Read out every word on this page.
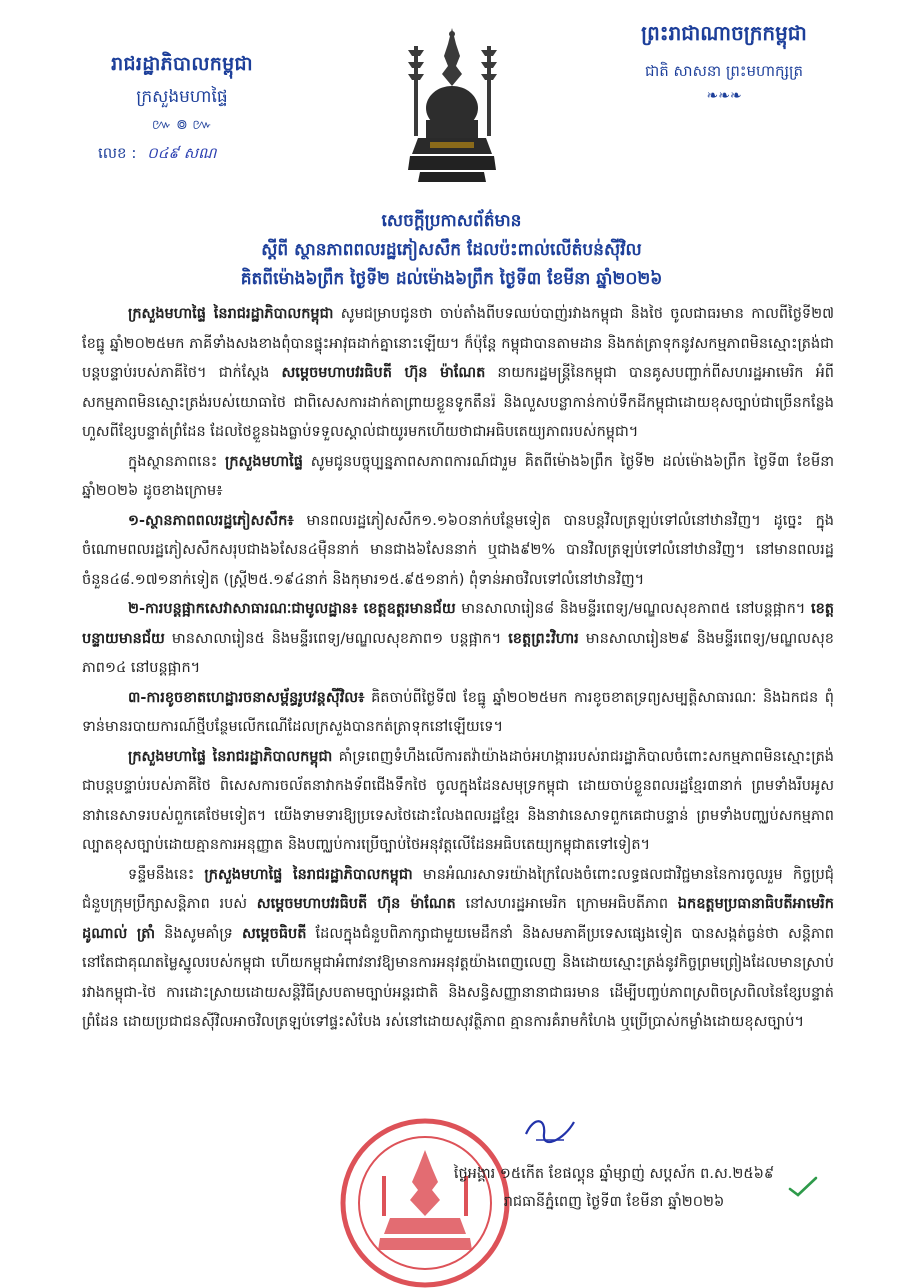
រាជរដ្ឋាភិបាលកម្ពុជា
ក្រសួងមហាផ្ទៃ
៚ ៙ ៚
លេខ : ០៤៩ សណ
ព្រះរាជាណាចក្រកម្ពុជា
ជាតិ សាសនា ព្រះមហាក្សត្រ
❧❧❧
សេចក្តីប្រកាសព័ត៌មាន
ស្តីពី ស្ថានភាពពលរដ្ឋភៀសសឹក ដែលប៉ះពាល់លើតំបន់ស៊ីវិល
គិតពីម៉ោង៦ព្រឹក ថ្ងៃទី២ ដល់ម៉ោង៦ព្រឹក ថ្ងៃទី៣ ខែមីនា ឆ្នាំ២០២៦

ក្រសួងមហាផ្ទៃ នៃរាជរដ្ឋាភិបាលកម្ពុជា សូមជម្រាបជូនថា ចាប់តាំងពីបទឈប់បាញ់រវាងកម្ពុជា និងថៃ ចូលជាធរមាន កាលពីថ្ងៃទី២៧ ខែធ្នូ ឆ្នាំ២០២៥មក ភាគីទាំងសងខាងពុំបានផ្ទុះអាវុធដាក់គ្នានោះឡើយ។ ក៏ប៉ុន្តែ កម្ពុជាបានតាមដាន និងកត់ត្រាទុកនូវសកម្មភាពមិនស្មោះត្រង់ជាបន្តបន្ទាប់របស់ភាគីថៃ។ ជាក់ស្តែង សម្តេចមហាបវរធិបតី ហ៊ុន ម៉ាណែត នាយករដ្ឋមន្ត្រីនៃកម្ពុជា បានគូសបញ្ជាក់ពីសហរដ្ឋអាមេរិក អំពីសកម្មភាពមិនស្មោះត្រង់របស់យោធាថៃ ជាពិសេសការដាក់តាព្រាយខ្លួនទូកតឹនរ៉ និងលួសបន្លាកាន់កាប់ទឹកដីកម្ពុជាដោយខុសច្បាប់ជាច្រើនកន្លែង ហួសពីខ្សែបន្ទាត់ព្រំដែន ដែលថៃខ្លួនឯងធ្លាប់ទទួលស្គាល់ជាយូរមកហើយថាជាអធិបតេយ្យភាពរបស់កម្ពុជា។

ក្នុងស្ថានភាពនេះ ក្រសួងមហាផ្ទៃ សូមជូនបច្ចុប្បន្នភាពសភាពការណ៍ជារួម គិតពីម៉ោង៦ព្រឹក ថ្ងៃទី២ ដល់ម៉ោង៦ព្រឹក ថ្ងៃទី៣ ខែមីនា ឆ្នាំ២០២៦ ដូចខាងក្រោម៖

១-ស្ថានភាពពលរដ្ឋភៀសសឹក៖ មានពលរដ្ឋភៀសសឹក១.១៦០នាក់បន្ថែមទៀត បានបន្តវិលត្រឡប់ទៅលំនៅឋានវិញ។ ដូច្នេះ ក្នុងចំណោមពលរដ្ឋភៀសសឹកសរុបជាង៦សែន៤ម៉ឺននាក់ មានជាង៦សែននាក់ ឬជាង៩២% បានវិលត្រឡប់ទៅលំនៅឋានវិញ។ នៅមានពលរដ្ឋចំនួន៤៨.១៧១នាក់ទៀត (ស្ត្រី២៥.១៩៤នាក់ និងកុមារ១៥.៩៥១នាក់) ពុំទាន់អាចវិលទៅលំនៅឋានវិញ។

២-ការបន្តផ្អាកសេវាសាធារណៈជាមូលដ្ឋាន៖ ខេត្តឧត្តរមានជ័យ មានសាលារៀន៨ និងមន្ទីរពេទ្យ/មណ្ឌលសុខភាព៥ នៅបន្តផ្អាក។ ខេត្តបន្ទាយមានជ័យ មានសាលារៀន៥ និងមន្ទីរពេទ្យ/មណ្ឌលសុខភាព១ បន្តផ្អាក។ ខេត្តព្រះវិហារ មានសាលារៀន២៩ និងមន្ទីរពេទ្យ/មណ្ឌលសុខភាព១៤ នៅបន្តផ្អាក។

៣-ការខូចខាតហេដ្ឋារចនាសម្ព័ន្ធរូបវន្តស៊ីវិល៖ គិតចាប់ពីថ្ងៃទី៧ ខែធ្នូ ឆ្នាំ២០២៥មក ការខូចខាតទ្រព្យសម្បត្តិសាធារណៈ និងឯកជន ពុំទាន់មានរបាយការណ៍ថ្មីបន្ថែមលើកណើដែលក្រសួងបានកត់ត្រាទុកនៅឡើយទេ។

ក្រសួងមហាផ្ទៃ នៃរាជរដ្ឋាភិបាលកម្ពុជា គាំទ្រពេញទំហឹងលើការតវ៉ាយ៉ាងដាច់អហង្ការរបស់រាជរដ្ឋាភិបាលចំពោះសកម្មភាពមិនស្មោះត្រង់ជាបន្តបន្ទាប់របស់ភាគីថៃ ពិសេសការចល័តនាវាកងទ័ពជើងទឹកថៃ ចូលក្នុងដែនសមុទ្រកម្ពុជា ដោយចាប់ខ្លួនពលរដ្ឋខ្មែរ៣នាក់ ព្រមទាំងរឹបអូសនាវានេសាទរបស់ពួកគេថែមទៀត។ យើងទាមទារឱ្យប្រទេសថៃដោះលែងពលរដ្ឋខ្មែរ និងនាវានេសាទពួកគេជាបន្ទាន់ ព្រមទាំងបញ្ឈប់សកម្មភាពល្បាតខុសច្បាប់ដោយគ្មានការអនុញ្ញាត និងបញ្ឈប់ការប្រើច្បាប់ថៃអនុវត្តលើដែនអធិបតេយ្យកម្ពុជាតទៅទៀត។

ទន្ទឹមនឹងនេះ ក្រសួងមហាផ្ទៃ នៃរាជរដ្ឋាភិបាលកម្ពុជា មានអំណរសាទរយ៉ាងក្រៃលែងចំពោះលទ្ធផលជាវិជ្ជមាននៃការចូលរួម កិច្ចប្រជុំជំនួបក្រុមប្រឹក្សាសន្តិភាព របស់ សម្តេចមហាបវរធិបតី ហ៊ុន ម៉ាណែត នៅសហរដ្ឋអាមេរិក ក្រោមអធិបតីភាព ឯកឧត្តមប្រធានាធិបតីអាមេរិក ដូណាល់ ត្រាំ និងសូមគាំទ្រ សម្តេចធិបតី ដែលក្នុងជំនួបពិភាក្សាជាមួយមេដឹកនាំ និងសមភាគីប្រទេសផ្សេងទៀត បានសង្កត់ធ្ងន់ថា សន្តិភាពនៅតែជាគុណតម្លៃស្នូលរបស់កម្ពុជា ហើយកម្ពុជាអំពាវនាវឱ្យមានការអនុវត្តយ៉ាងពេញលេញ និងដោយស្មោះត្រង់នូវកិច្ចព្រមព្រៀងដែលមានស្រាប់រវាងកម្ពុជា-ថៃ ការដោះស្រាយដោយសន្តិវិធីស្របតាមច្បាប់អន្តរជាតិ និងសន្ធិសញ្ញានានាជាធរមាន ដើម្បីបញ្ចប់ភាពស្រពិចស្រពិលនៃខ្សែបន្ទាត់ព្រំដែន ដោយប្រជាជនស៊ីវិលអាចវិលត្រឡប់ទៅផ្ទះសំបែង រស់នៅដោយសុវត្ថិភាព គ្មានការគំរាមកំហែង ឬប្រើប្រាស់កម្លាំងដោយខុសច្បាប់។

ថ្ងៃអង្គារ ១៥កើត ខែផល្គុន ឆ្នាំម្សាញ់ សប្តស័ក ព.ស.២៥៦៩
រាជធានីភ្នំពេញ ថ្ងៃទី៣ ខែមីនា ឆ្នាំ២០២៦
